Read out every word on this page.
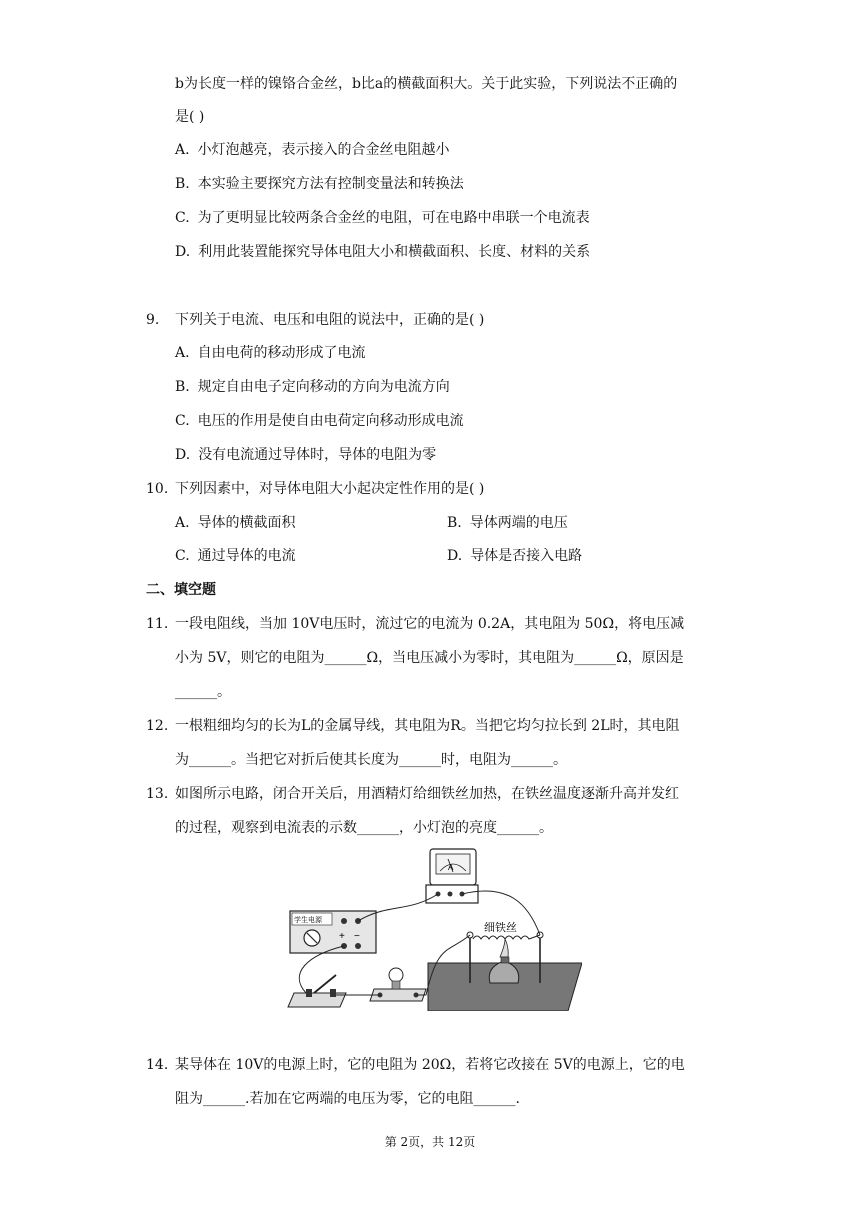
b为长度一样的镍铬合金丝，b比a的横截面积大。关于此实验，下列说法不正确的
是( )
A. 小灯泡越亮，表示接入的合金丝电阻越小
B. 本实验主要探究方法有控制变量法和转换法
C. 为了更明显比较两条合金丝的电阻，可在电路中串联一个电流表
D. 利用此装置能探究导体电阻大小和横截面积、长度、材料的关系
9. 下列关于电流、电压和电阻的说法中，正确的是( )
A. 自由电荷的移动形成了电流
B. 规定自由电子定向移动的方向为电流方向
C. 电压的作用是使自由电荷定向移动形成电流
D. 没有电流通过导体时，导体的电阻为零
10. 下列因素中，对导体电阻大小起决定性作用的是( )
A. 导体的横截面积	B. 导体两端的电压
C. 通过导体的电流	D. 导体是否接入电路
二、填空题
11. 一段电阻线，当加 10V电压时，流过它的电流为 0.2A，其电阻为 50Ω，将电压减
小为 5V，则它的电阻为______Ω，当电压减小为零时，其电阻为______Ω，原因是
______。
12. 一根粗细均匀的长为L的金属导线，其电阻为R。当把它均匀拉长到 2L时，其电阻
为______。当把它对折后使其长度为______时，电阻为______。
13. 如图所示电路，闭合开关后，用酒精灯给细铁丝加热，在铁丝温度逐渐升高并发红
的过程，观察到电流表的示数______，小灯泡的亮度______。
A
学生电源
+ −
细铁丝
14. 某导体在 10V的电源上时，它的电阻为 20Ω，若将它改接在 5V的电源上，它的电
阻为______.若加在它两端的电压为零，它的电阻______.
第 2页，共 12页
